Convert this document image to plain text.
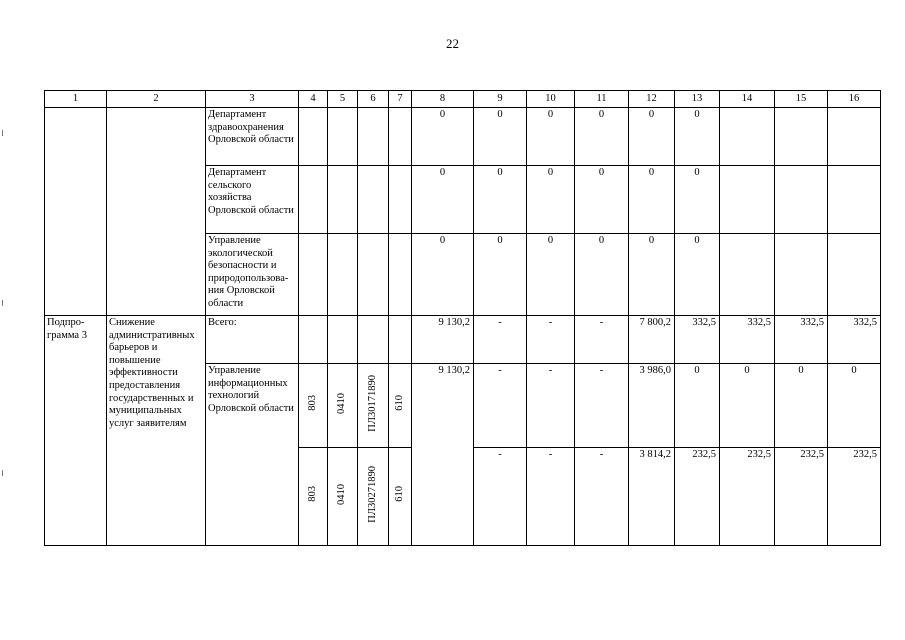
22
1	2	3	4	5	6	7	8	9	10	11	12	13	14	15	16
		Департамент здравоохранения Орловской области					0	0	0	0	0	0			
		Департамент сельского хозяйства Орловской области					0	0	0	0	0	0			
		Управление экологической безопасности и природопользова-ния Орловской области					0	0	0	0	0	0			
Подпро-грамма 3	Снижение административных барьеров и повышение эффективности предоставления государственных и муниципальных услуг заявителям	Всего:					9 130,2	-	-	-	7 800,2	332,5	332,5	332,5	332,5
		Управление информационных технологий Орловской области	803	0410	ПЛ30171890	610	9 130,2	-	-	-	3 986,0	0	0	0	0
			803	0410	ПЛ30271890	610		-	-	-	3 814,2	232,5	232,5	232,5	232,5
